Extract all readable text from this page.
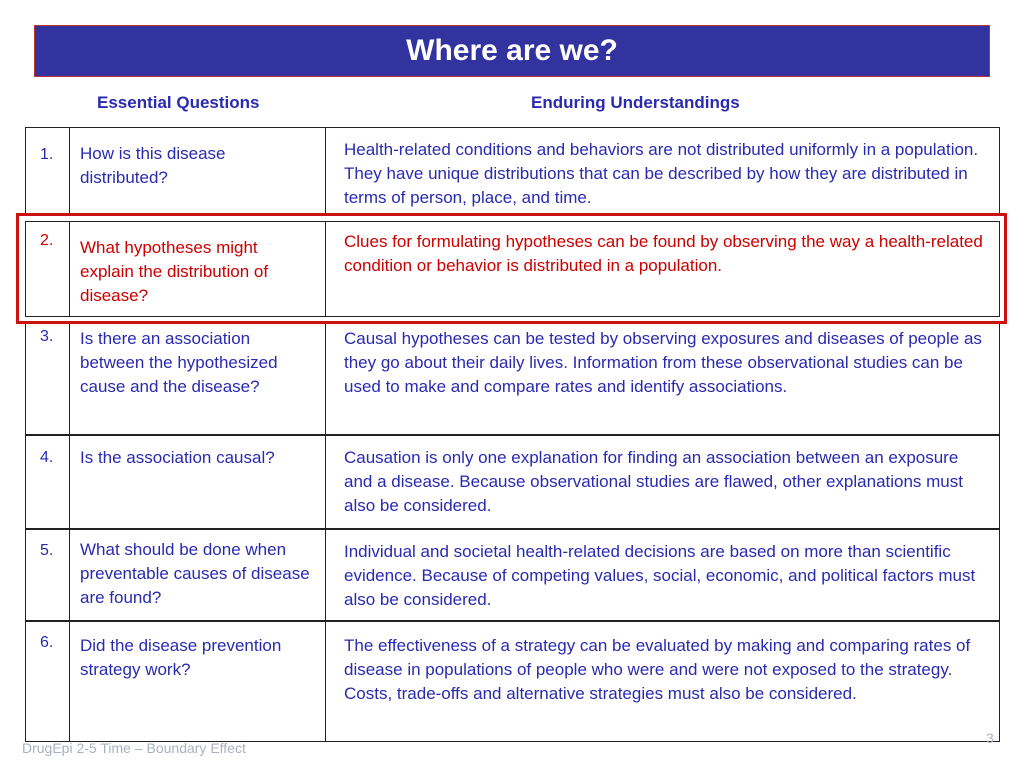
Where are we?
Essential Questions	Enduring Understandings
1. How is this disease distributed?
Health-related conditions and behaviors are not distributed uniformly in a population. They have unique distributions that can be described by how they are distributed in terms of person, place, and time.
2. What hypotheses might explain the distribution of disease?
Clues for formulating hypotheses can be found by observing the way a health-related condition or behavior is distributed in a population.
3. Is there an association between the hypothesized cause and the disease?
Causal hypotheses can be tested by observing exposures and diseases of people as they go about their daily lives. Information from these observational studies can be used to make and compare rates and identify associations.
4. Is the association causal?	Causation is only one explanation for finding an association between an exposure and a disease. Because observational studies are flawed, other explanations must also be considered.
5. What should be done when preventable causes of disease are found?
Individual and societal health-related decisions are based on more than scientific evidence. Because of competing values, social, economic, and political factors must also be considered.
6. Did the disease prevention strategy work?
The effectiveness of a strategy can be evaluated by making and comparing rates of disease in populations of people who were and were not exposed to the strategy. Costs, trade-offs and alternative strategies must also be considered.
DrugEpi 2-5 Time – Boundary Effect
3
